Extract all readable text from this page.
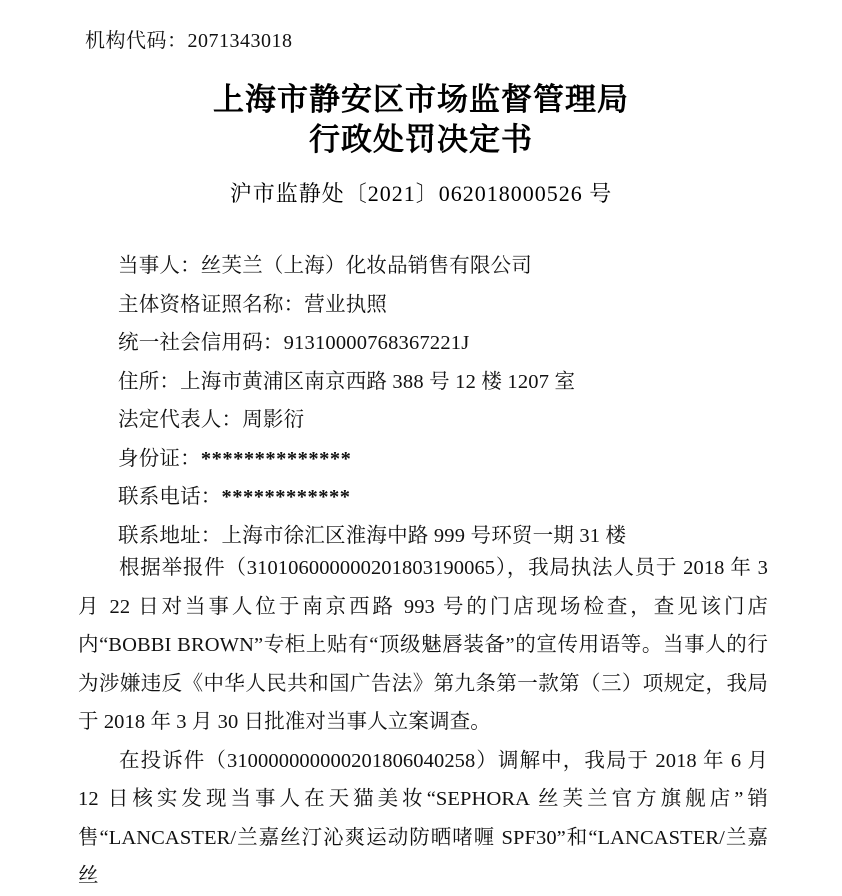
机构代码：2071343018
上海市静安区市场监督管理局
行政处罚决定书
沪市监静处〔2021〕062018000526 号
当事人：丝芙兰（上海）化妆品销售有限公司
主体资格证照名称：营业执照
统一社会信用码：91310000768367221J
住所：上海市黄浦区南京西路 388 号 12 楼 1207 室
法定代表人：周影衍
身份证：**************
联系电话：************
联系地址：上海市徐汇区淮海中路 999 号环贸一期 31 楼

根据举报件（310106000000201803190065），我局执法人员于 2018 年 3 月 22 日对当事人位于南京西路 993 号的门店现场检查，查见该门店内“BOBBI BROWN”专柜上贴有“顶级魅唇装备”的宣传用语等。当事人的行为涉嫌违反《中华人民共和国广告法》第九条第一款第（三）项规定，我局于 2018 年 3 月 30 日批准对当事人立案调查。

在投诉件（310000000000201806040258）调解中，我局于 2018 年 6 月 12 日核实发现当事人在天猫美妆“SEPHORA 丝芙兰官方旗舰店”销售“LANCASTER/兰嘉丝汀沁爽运动防晒啫喱 SPF30”和“LANCASTER/兰嘉丝
